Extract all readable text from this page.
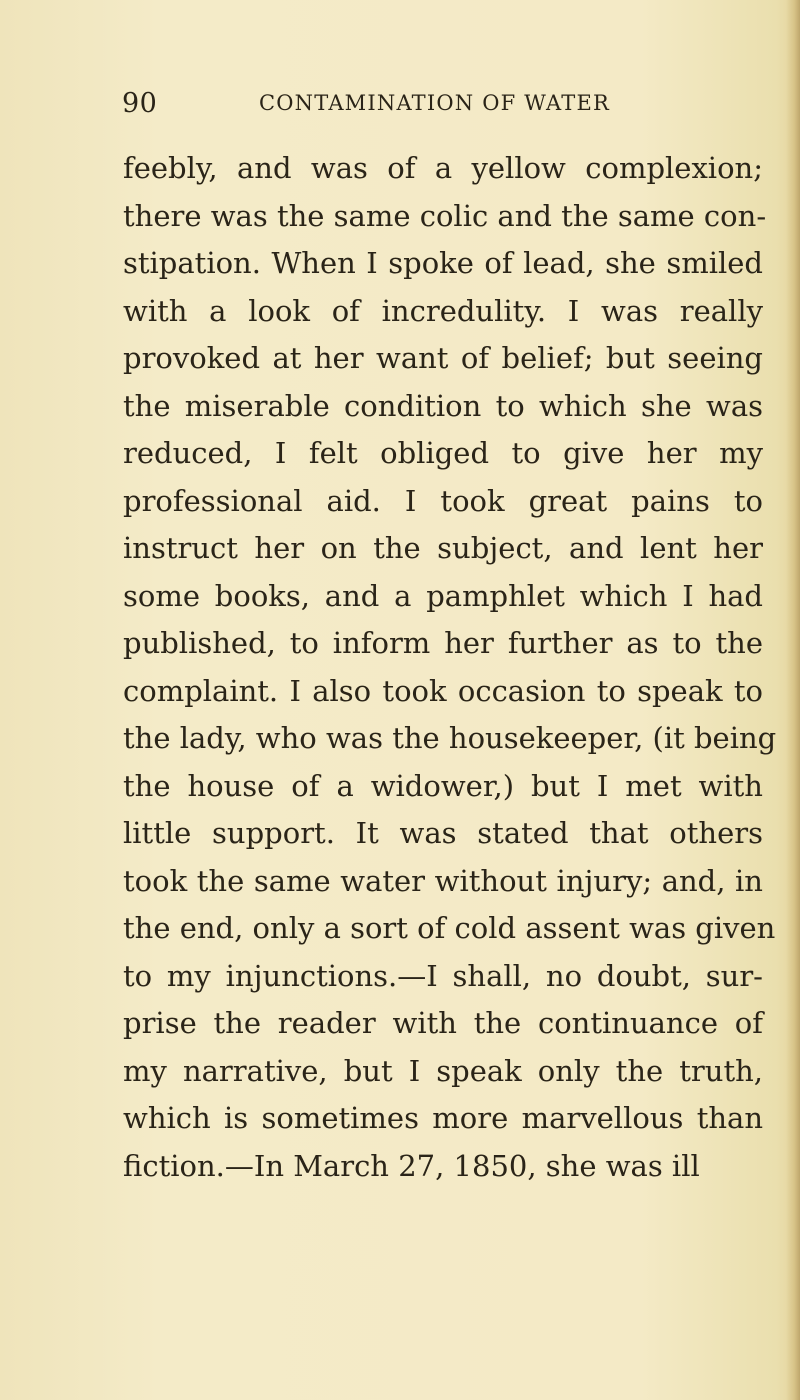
90	CONTAMINATION OF WATER
feebly, and was of a yellow complexion;
there was the same colic and the same con-
stipation. When I spoke of lead, she smiled
with a look of incredulity. I was really
provoked at her want of belief; but seeing
the miserable condition to which she was
reduced, I felt obliged to give her my
professional aid. I took great pains to
instruct her on the subject, and lent her
some books, and a pamphlet which I had
published, to inform her further as to the
complaint. I also took occasion to speak to
the lady, who was the housekeeper, (it being
the house of a widower,) but I met with
little support. It was stated that others
took the same water without injury; and, in
the end, only a sort of cold assent was given
to my injunctions.—I shall, no doubt, sur-
prise the reader with the continuance of
my narrative, but I speak only the truth,
which is sometimes more marvellous than
fiction.—In March 27, 1850, she was ill
